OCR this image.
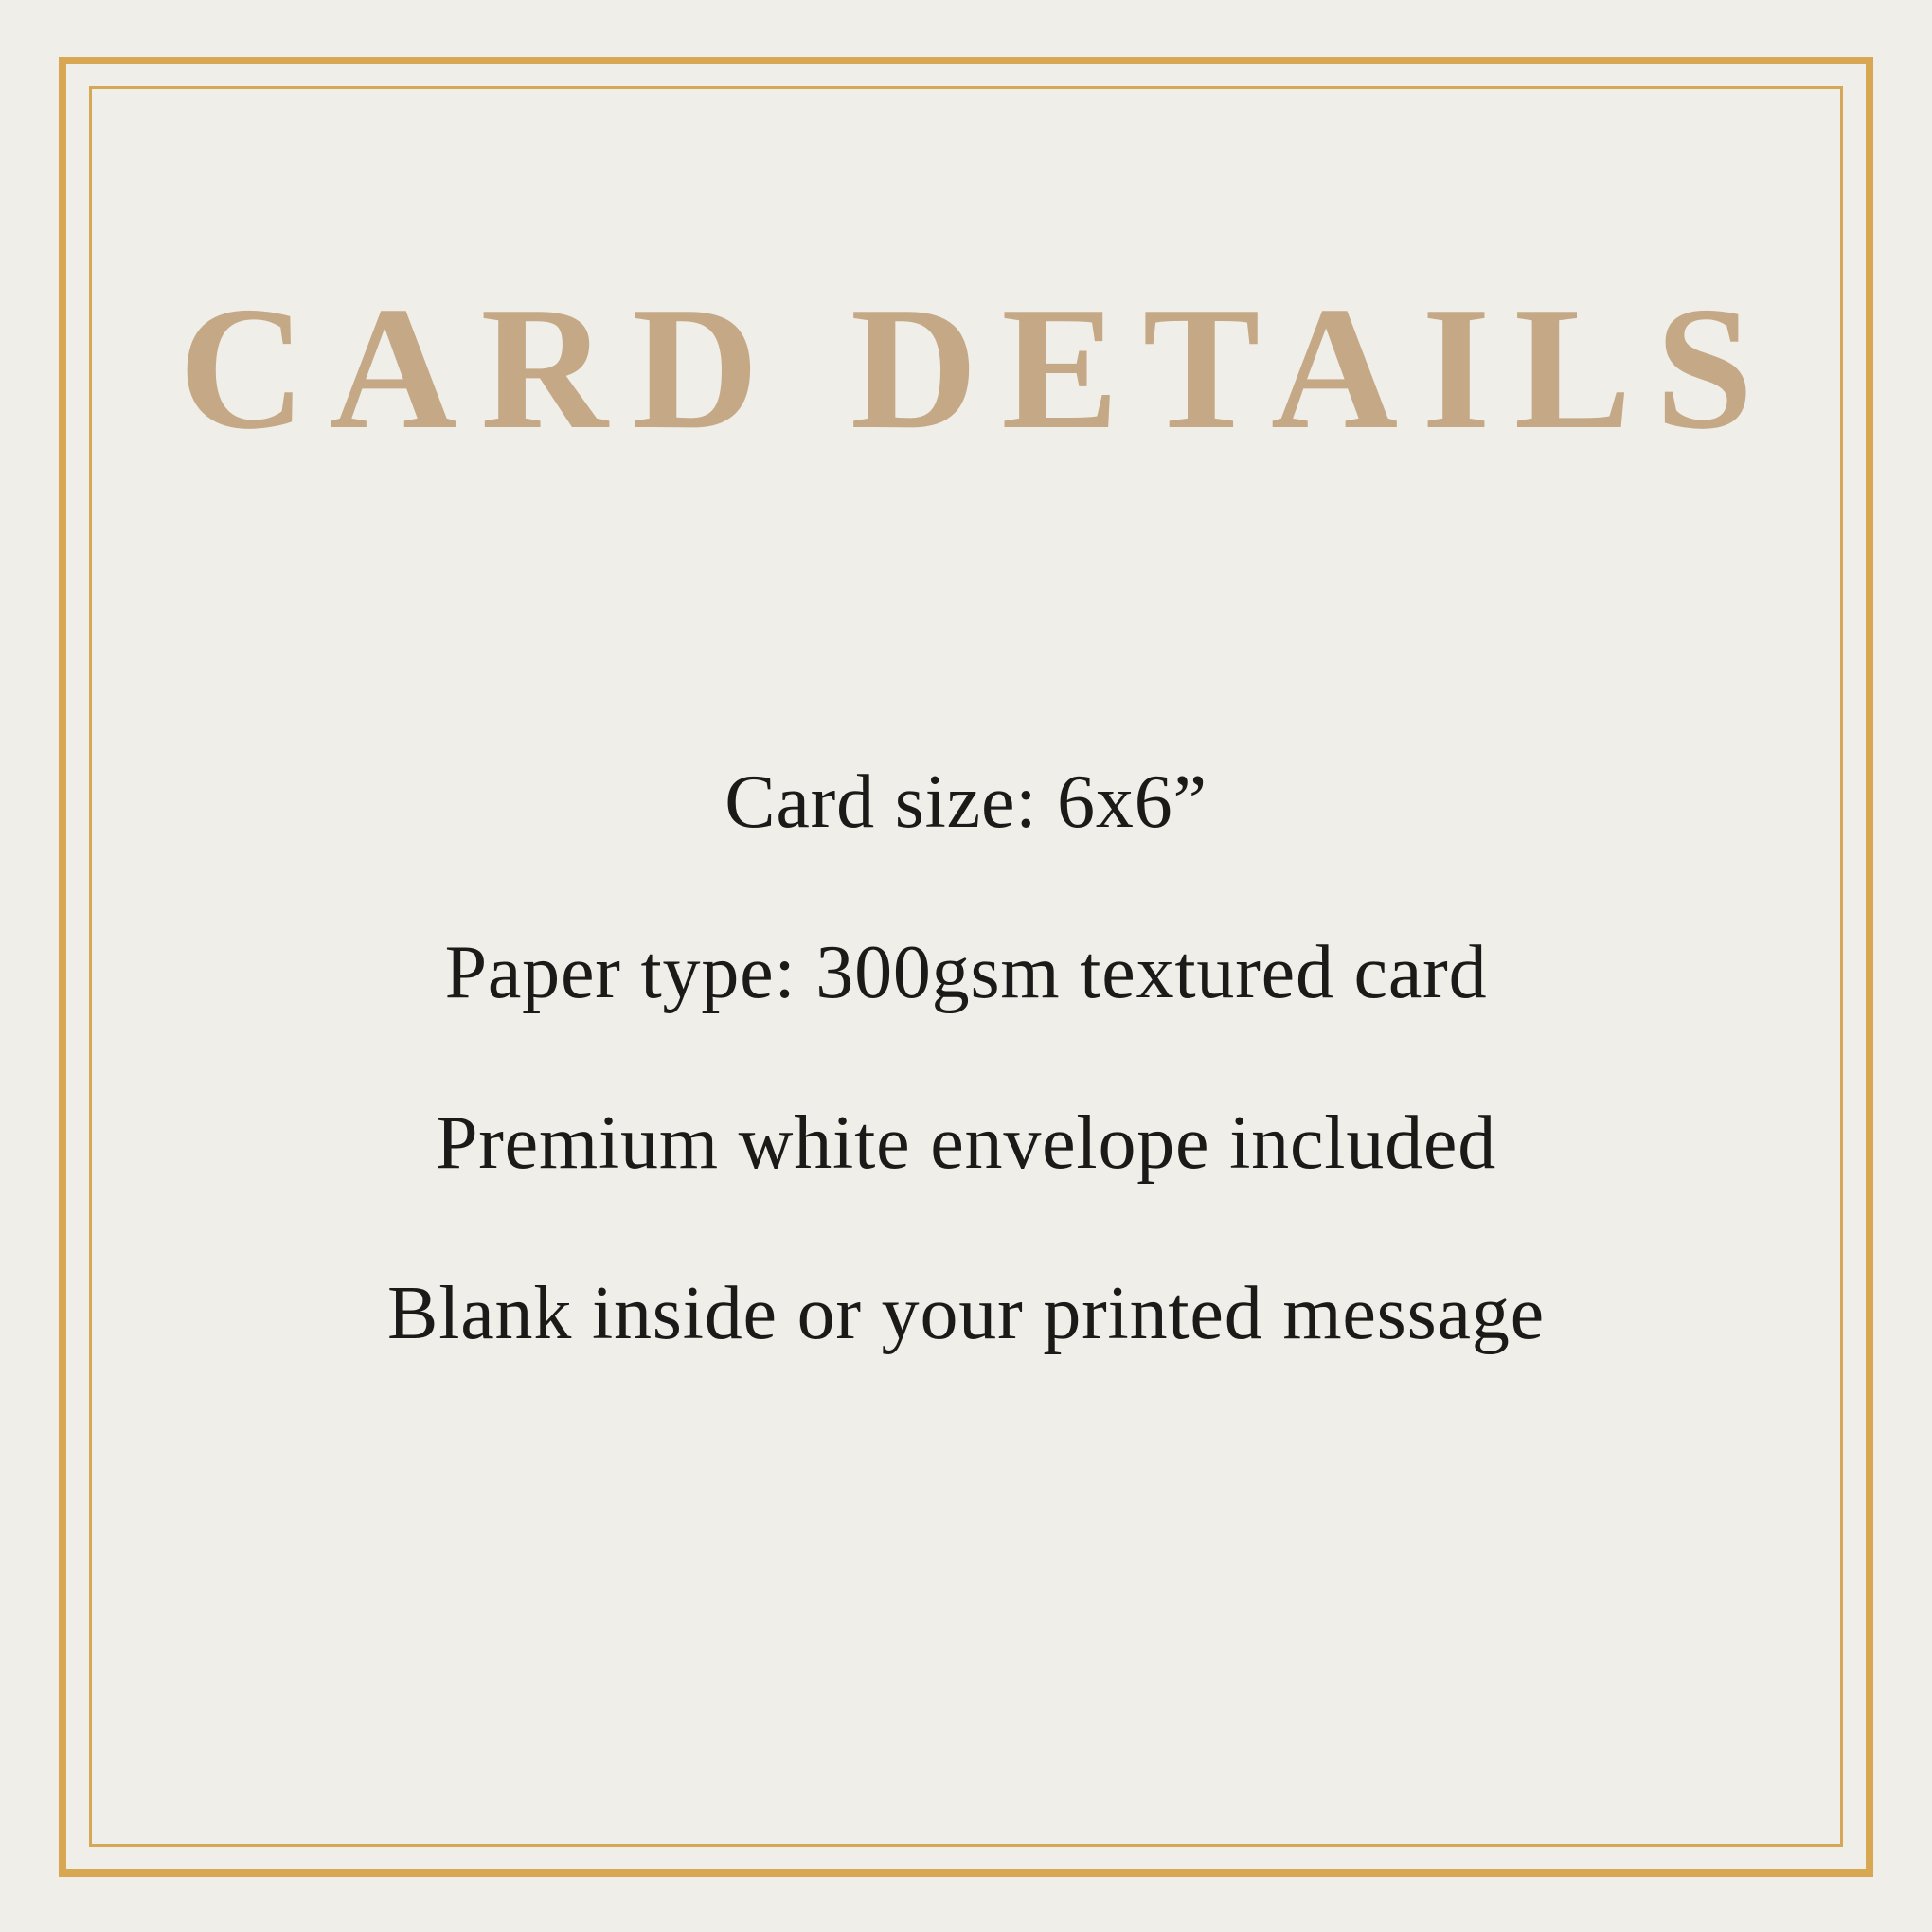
CARD DETAILS

Card size: 6x6”

Paper type: 300gsm textured card

Premium white envelope included

Blank inside or your printed message
